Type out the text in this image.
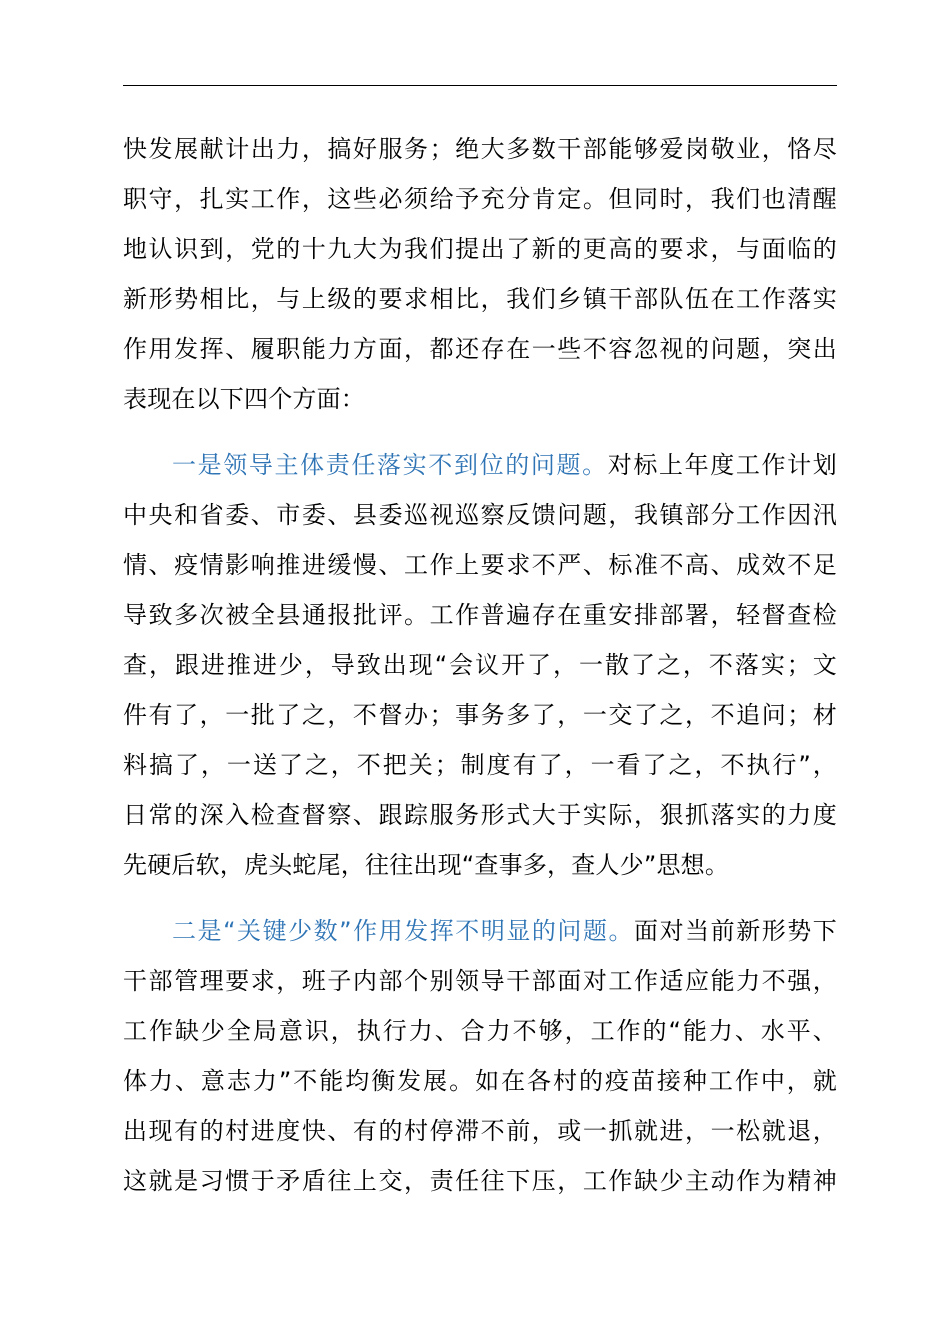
快发展献计出力，搞好服务；绝大多数干部能够爱岗敬业，恪尽
职守，扎实工作，这些必须给予充分肯定。但同时，我们也清醒
地认识到，党的十九大为我们提出了新的更高的要求，与面临的
新形势相比，与上级的要求相比，我们乡镇干部队伍在工作落实
作用发挥、履职能力方面，都还存在一些不容忽视的问题，突出
表现在以下四个方面：

一是领导主体责任落实不到位的问题。对标上年度工作计划
中央和省委、市委、县委巡视巡察反馈问题，我镇部分工作因汛
情、疫情影响推进缓慢、工作上要求不严、标准不高、成效不足
导致多次被全县通报批评。工作普遍存在重安排部署，轻督查检
查，跟进推进少，导致出现“会议开了，一散了之，不落实；文
件有了，一批了之，不督办；事务多了，一交了之，不追问；材
料搞了，一送了之，不把关；制度有了，一看了之，不执行”，
日常的深入检查督察、跟踪服务形式大于实际，狠抓落实的力度
先硬后软，虎头蛇尾，往往出现“查事多，查人少”思想。

二是“关键少数”作用发挥不明显的问题。面对当前新形势下
干部管理要求，班子内部个别领导干部面对工作适应能力不强，
工作缺少全局意识，执行力、合力不够，工作的“能力、水平、
体力、意志力”不能均衡发展。如在各村的疫苗接种工作中，就
出现有的村进度快、有的村停滞不前，或一抓就进，一松就退，
这就是习惯于矛盾往上交，责任往下压，工作缺少主动作为精神
